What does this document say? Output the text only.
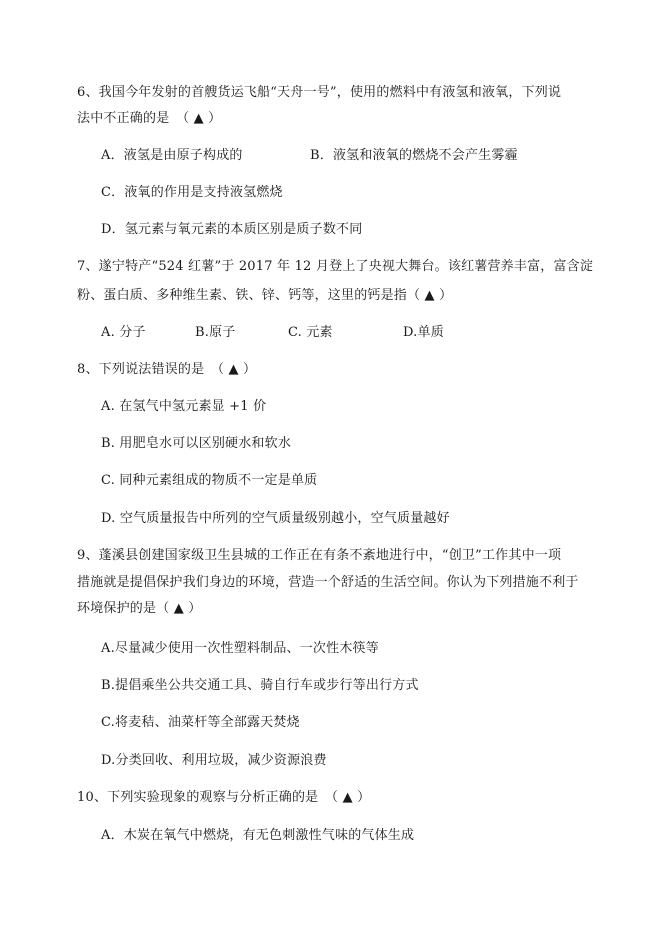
6、我国今年发射的首艘货运飞船“天舟一号”，使用的燃料中有液氢和液氧，下列说
法中不正确的是　（ ▲ ）
A．液氢是由原子构成的	B．液氢和液氧的燃烧不会产生雾霾
C．液氧的作用是支持液氢燃烧
D．氢元素与氧元素的本质区别是质子数不同
7、遂宁特产“524 红薯”于 2017 年 12 月登上了央视大舞台。该红薯营养丰富，富含淀
粉、蛋白质、多种维生素、铁、锌、钙等，这里的钙是指（ ▲ ）
A. 分子	B.原子	C. 元素	D.单质
8、下列说法错误的是　（ ▲ ）
A. 在氢气中氢元素显 +1 价
B. 用肥皂水可以区别硬水和软水
C. 同种元素组成的物质不一定是单质
D. 空气质量报告中所列的空气质量级别越小，空气质量越好
9、蓬溪县创建国家级卫生县城的工作正在有条不紊地进行中，“创卫”工作其中一项
措施就是提倡保护我们身边的环境，营造一个舒适的生活空间。你认为下列措施不利于
环境保护的是（ ▲ ）
A.尽量减少使用一次性塑料制品、一次性木筷等
B.提倡乘坐公共交通工具、骑自行车或步行等出行方式
C.将麦秸、油菜杆等全部露天焚烧
D.分类回收、利用垃圾，减少资源浪费
10、下列实验现象的观察与分析正确的是　（ ▲ ）
A．木炭在氧气中燃烧，有无色刺激性气味的气体生成
